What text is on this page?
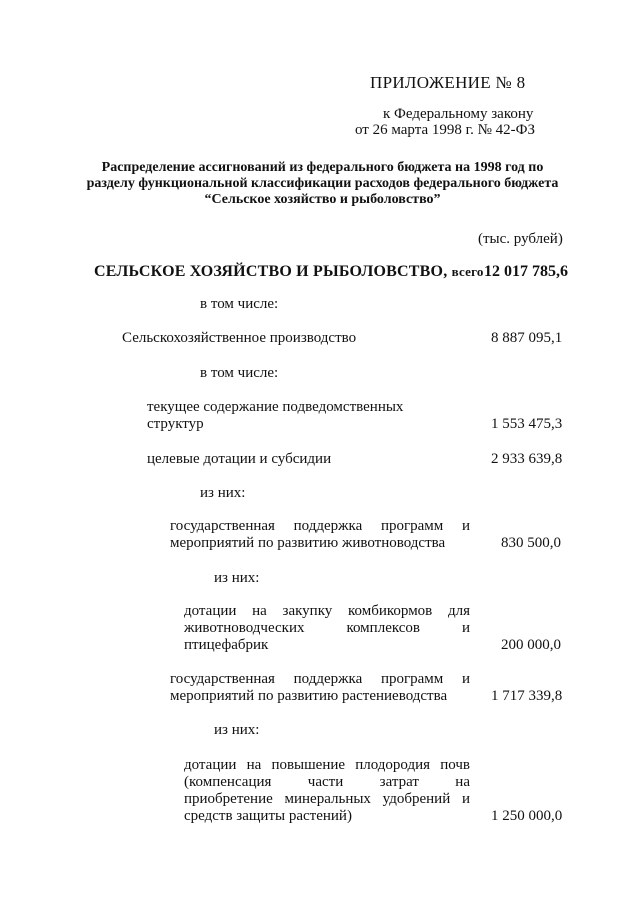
ПРИЛОЖЕНИЕ № 8
к Федеральному закону
от 26 марта 1998 г. № 42-ФЗ
Распределение ассигнований из федерального бюджета на 1998 год по
разделу функциональной классификации расходов федерального бюджета
“Сельское хозяйство и рыболовство”
(тыс. рублей)
СЕЛЬСКОЕ ХОЗЯЙСТВО И РЫБОЛОВСТВО, всего 12 017 785,6
в том числе:
Сельскохозяйственное производство	8 887 095,1
в том числе:
текущее содержание подведомственных
структур	1 553 475,3
целевые дотации и субсидии	2 933 639,8
из них:
государственная поддержка программ и
мероприятий по развитию животноводства	830 500,0
из них:
дотации на закупку комбикормов для
животноводческих комплексов и
птицефабрик	200 000,0
государственная поддержка программ и
мероприятий по развитию растениеводства	1 717 339,8
из них:
дотации на повышение плодородия почв
(компенсация части затрат на
приобретение минеральных удобрений и
средств защиты растений)	1 250 000,0
